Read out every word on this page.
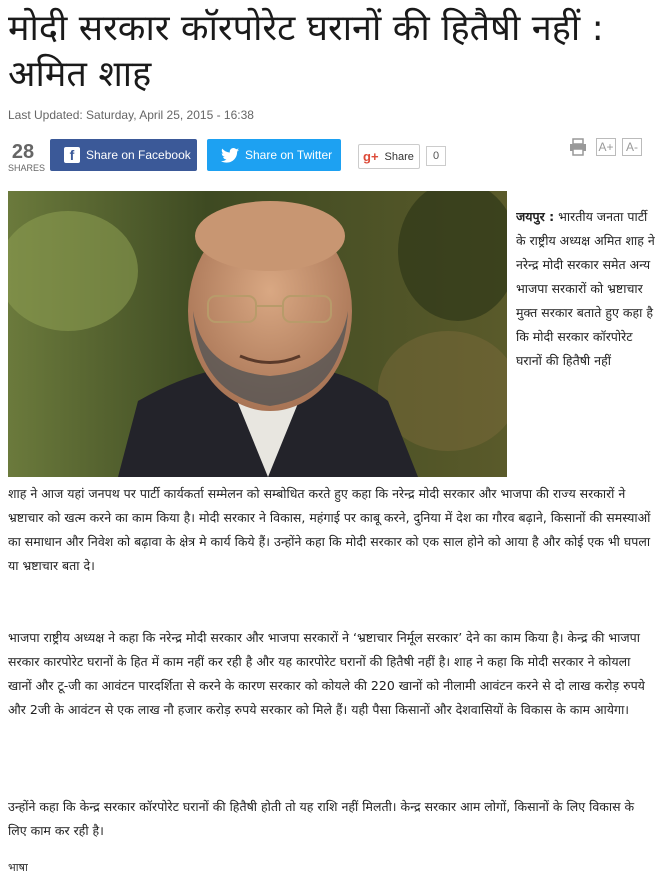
मोदी सरकार कॉरपोरेट घरानों की हितैषी नहीं : अमित शाह
Last Updated: Saturday, April 25, 2015 - 16:38
28
SHARES
f Share on Facebook	Share on Twitter g+ Share	0
A+	A-
जयपुर : भारतीय जनता पार्टी के राष्ट्रीय अध्यक्ष अमित शाह ने नरेन्द्र मोदी सरकार समेत अन्य भाजपा सरकारों को भ्रष्टाचार मुक्त सरकार बताते हुए कहा है कि मोदी सरकार कॉरपोरेट घरानों की हितैषी नहीं

शाह ने आज यहां जनपथ पर पार्टी कार्यकर्ता सम्मेलन को सम्बोधित करते हुए कहा कि नरेन्द्र मोदी सरकार और भाजपा की राज्य सरकारों ने भ्रष्टाचार को खत्म करने का काम किया है। मोदी सरकार ने विकास, महंगाई पर काबू करने, दुनिया में देश का गौरव बढ़ाने, किसानों की समस्याओं का समाधान और निवेश को बढ़ावा के क्षेत्र मे कार्य किये हैं। उन्होंने कहा कि मोदी सरकार को एक साल होने को आया है और कोई एक भी घपला या भ्रष्टाचार बता दे।

भाजपा राष्ट्रीय अध्यक्ष ने कहा कि नरेन्द्र मोदी सरकार और भाजपा सरकारों ने ‘भ्रष्टाचार निर्मूल सरकार’ देने का काम किया है। केन्द्र की भाजपा सरकार कारपोरेट घरानों के हित में काम नहीं कर रही है और यह कारपोरेट घरानों की हितैषी नहीं है। शाह ने कहा कि मोदी सरकार ने कोयला खानों और टू-जी का आवंटन पारदर्शिता से करने के कारण सरकार को कोयले की 220 खानों को नीलामी आवंटन करने से दो लाख करोड़ रुपये और 2जी के आवंटन से एक लाख नौ हजार करोड़ रुपये सरकार को मिले हैं। यही पैसा किसानों और देशवासियों के विकास के काम आयेगा।

उन्होंने कहा कि केन्द्र सरकार कॉरपोरेट घरानों की हितैषी होती तो यह राशि नहीं मिलती। केन्द्र सरकार आम लोगों, किसानों के लिए विकास के लिए काम कर रही है।

भाषा
